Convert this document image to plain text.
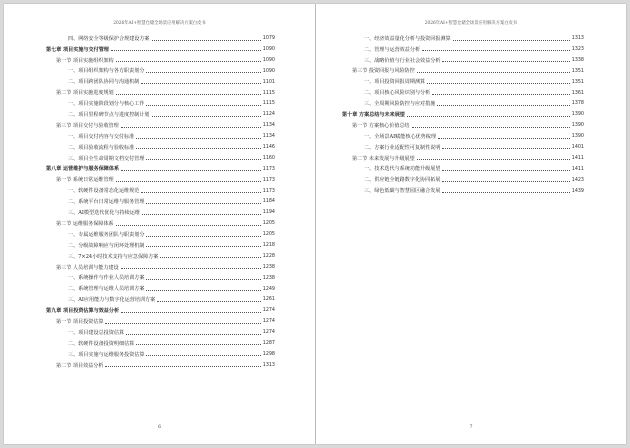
2026年AI+智慧仓储全场景应用解决方案白皮书
四、网络安全等级保护合规建设方案	1079
第七章 项目实施与交付管理	1090
第一节 项目实施组织架构	1090
一、项目组织架构与各方职责划分	1090
二、项目跨团队协同与沟通机制	1101
第二节 项目实施进度规划	1115
一、项目实施阶段划分与核心工作	1115
二、项目里程碑节点与进度控制计划	1124
第三节 项目交付与验收管理	1134
一、项目交付内容与交付标准	1134
二、项目验收流程与验收标准	1146
三、项目全生命周期文档交付管理	1160
第八章 运营维护与服务保障体系	1173
第一节 系统日常运维管理	1173
一、软硬件设备常态化运维规范	1173
二、系统平台日常运维与服务管理	1184
三、AI模型迭代优化与持续运维	1194
第二节 运维服务保障体系	1205
一、专属运维服务团队与职责划分	1205
二、分级故障响应与闭环处理机制	1218
三、7×24小时技术支持与应急保障方案	1228
第三节 人员培训与能力建设	1238
一、系统操作与作业人员培训方案	1238
二、系统管理与运维人员培训方案	1249
三、AI应用能力与数字化运营培训方案	1261
第九章 项目投资估算与效益分析	1274
第一节 项目投资估算	1274
一、项目建设总投资估算	1274
二、软硬件设备投资明细估算	1287
三、项目实施与运维服务投资估算	1298
第二节 项目效益分析	1313
6
2026年AI+智慧仓储全场景应用解决方案白皮书
一、经济效益量化分析与投资回报测算	1313
二、管理与运营效益分析	1323
三、战略价值与行业社会效益分析	1338
第三节 投资回报与风险防控	1351
一、项目投资回报周期测算	1351
二、项目核心风险识别与分析	1361
三、全周期风险防控与应对措施	1378
第十章 方案总结与未来展望	1390
第一节 方案核心价值总结	1390
一、全场景AI赋能核心优势梳理	1390
二、方案行业适配性可复制性说明	1401
第二节 未来发展与升级展望	1411
一、技术迭代与系统功能升级展望	1411
二、供应链全链路数字化协同拓展	1423
三、绿色低碳与智慧园区融合发展	1439
7
